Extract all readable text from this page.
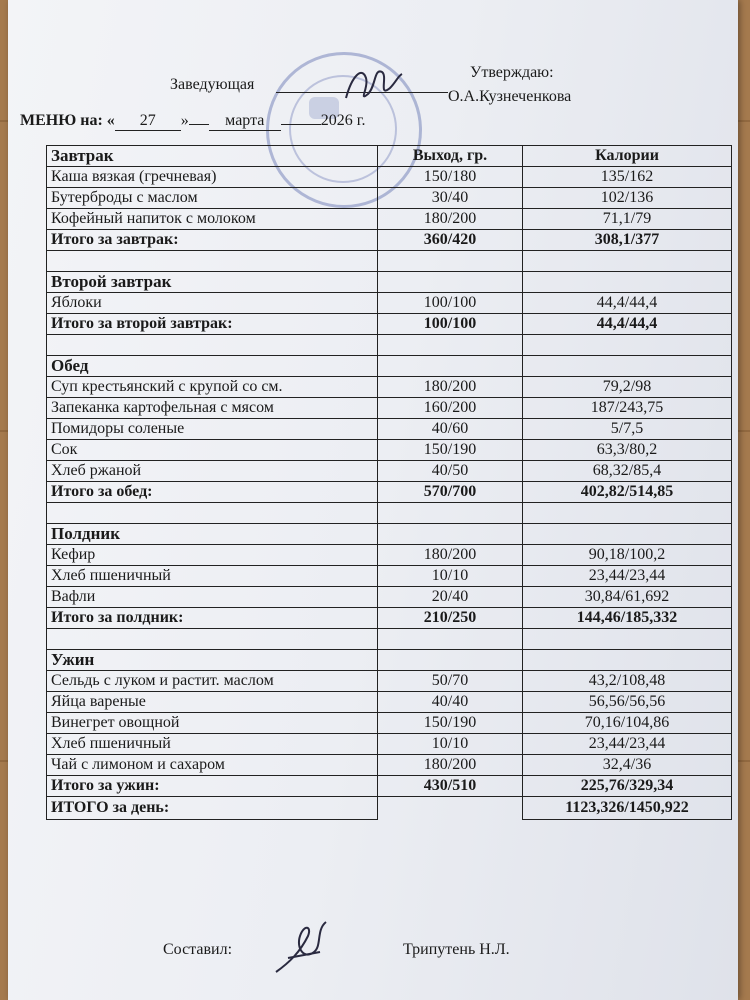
Заведующая
Утверждаю:
О.А.Кузнеченкова
МЕНЮ на: « 27 » марта	2026 г.
Завтрак	Выход, гр.	Калории
Каша вязкая (гречневая)	150/180	135/162
Бутерброды с маслом	30/40	102/136
Кофейный напиток с молоком	180/200	71,1/79
Итого за завтрак:	360/420	308,1/377

Второй завтрак		
Яблоки	100/100	44,4/44,4
Итого за второй завтрак:	100/100	44,4/44,4

Обед		
Суп крестьянский с крупой со см.	180/200	79,2/98
Запеканка картофельная с мясом	160/200	187/243,75
Помидоры соленые	40/60	5/7,5
Сок	150/190	63,3/80,2
Хлеб ржаной	40/50	68,32/85,4
Итого за обед:	570/700	402,82/514,85

Полдник		
Кефир	180/200	90,18/100,2
Хлеб пшеничный	10/10	23,44/23,44
Вафли	20/40	30,84/61,692
Итого за полдник:	210/250	144,46/185,332

Ужин		
Сельдь с луком и растит. маслом	50/70	43,2/108,48
Яйца вареные	40/40	56,56/56,56
Винегрет овощной	150/190	70,16/104,86
Хлеб пшеничный	10/10	23,44/23,44
Чай с лимоном и сахаром	180/200	32,4/36
Итого за ужин:	430/510	225,76/329,34
ИТОГО за день:		1123,326/1450,922
Составил:	Трипутень Н.Л.
